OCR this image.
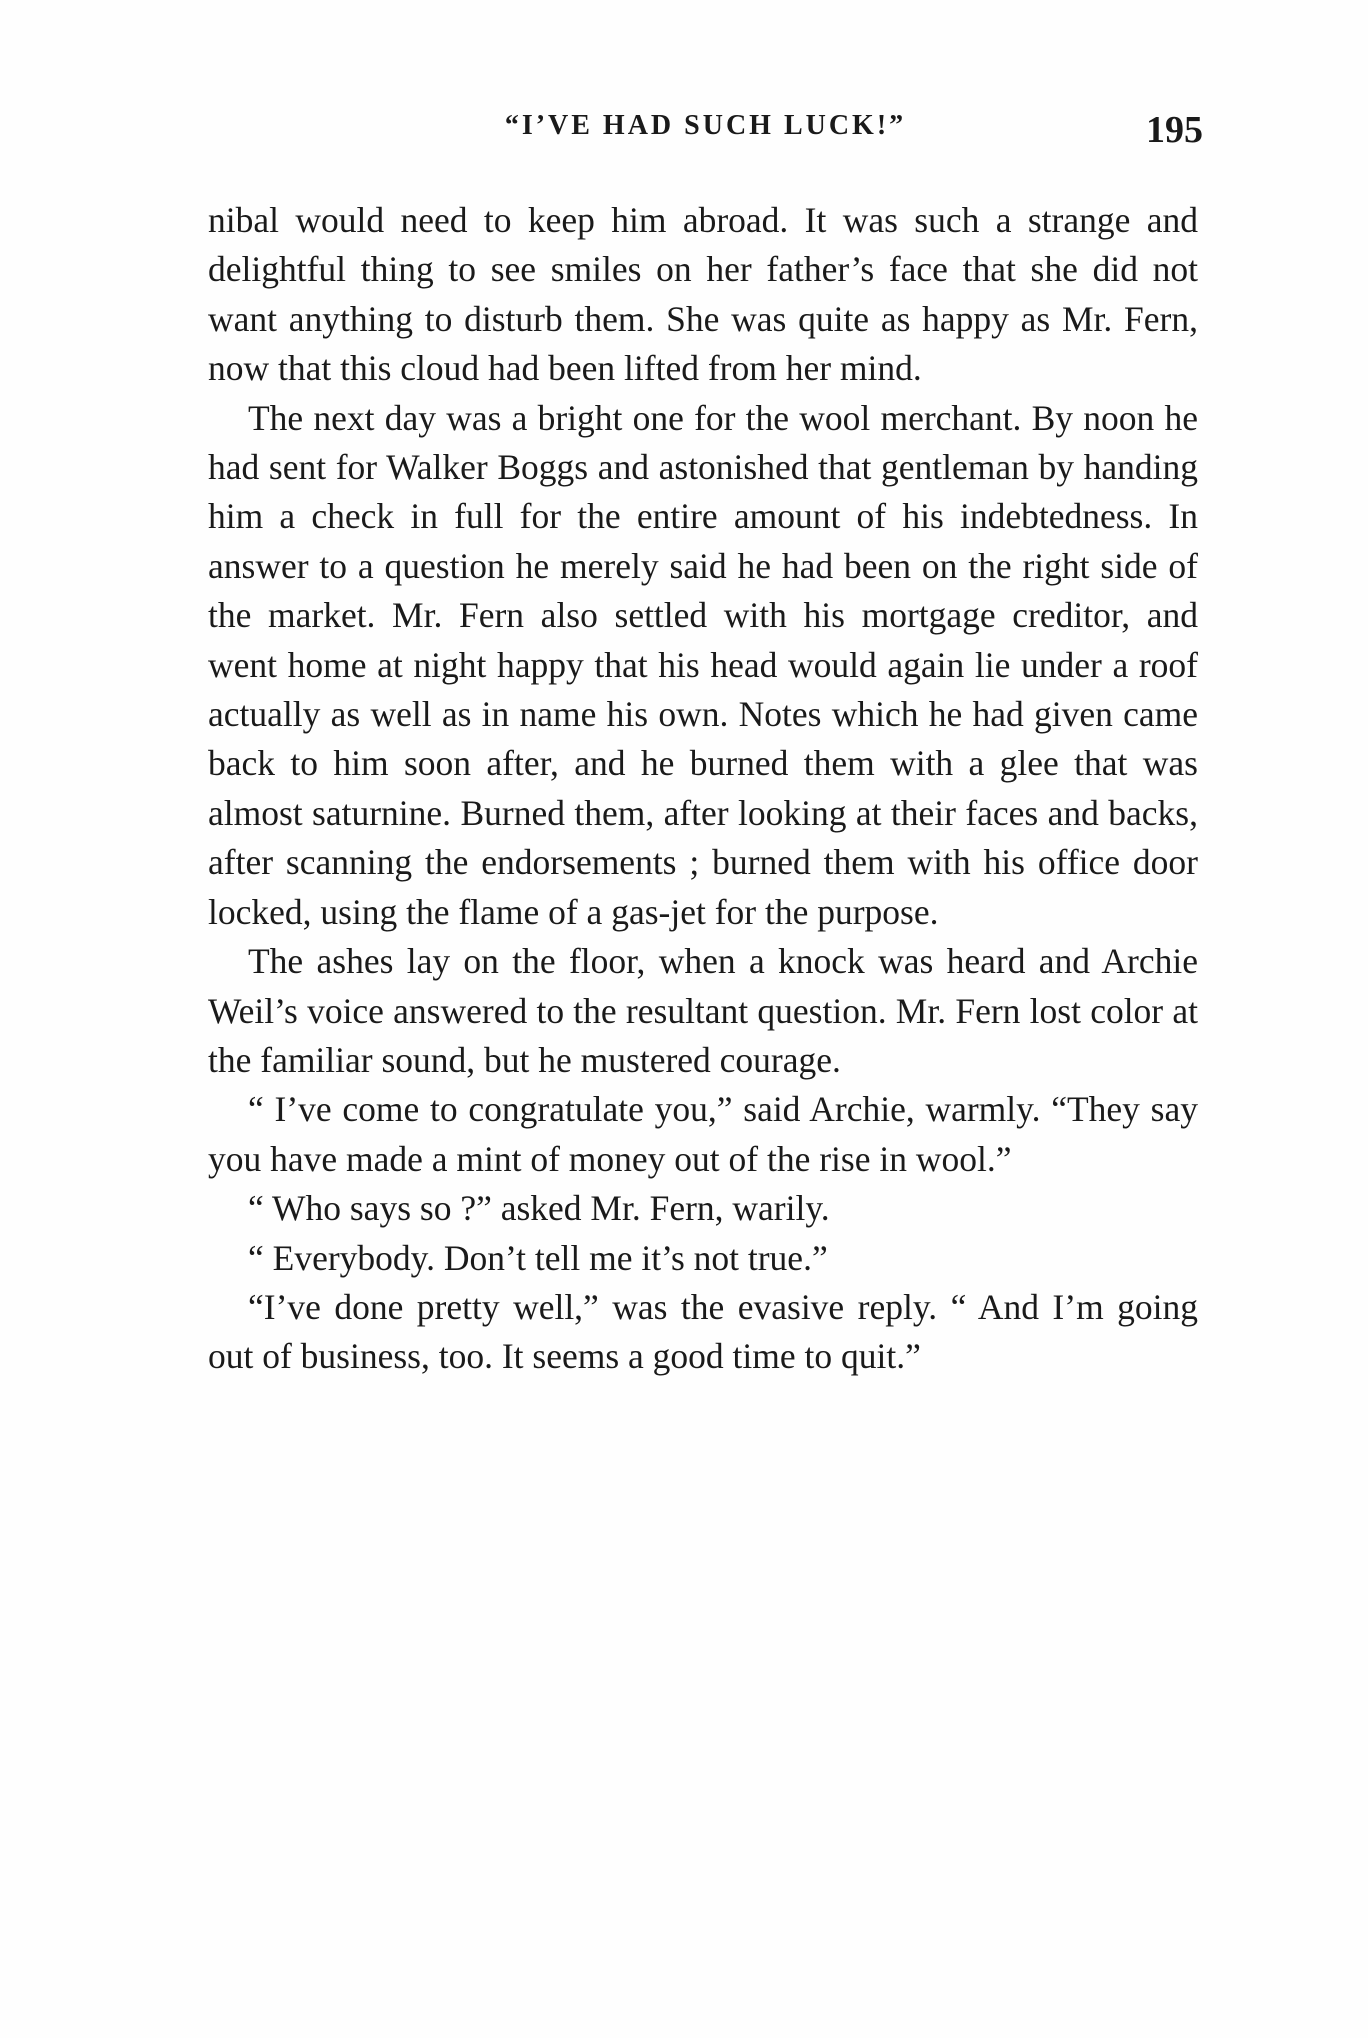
“I’VE HAD SUCH LUCK!”	195

nibal would need to keep him abroad. It was such a strange and delightful thing to see smiles on her father’s face that she did not want anything to disturb them. She was quite as happy as Mr. Fern, now that this cloud had been lifted from her mind.

The next day was a bright one for the wool merchant. By noon he had sent for Walker Boggs and astonished that gentleman by handing him a check in full for the entire amount of his indebtedness. In answer to a question he merely said he had been on the right side of the market. Mr. Fern also settled with his mortgage creditor, and went home at night happy that his head would again lie under a roof actually as well as in name his own. Notes which he had given came back to him soon after, and he burned them with a glee that was almost saturnine. Burned them, after looking at their faces and backs, after scanning the endorsements ; burned them with his office door locked, using the flame of a gas-jet for the purpose.

The ashes lay on the floor, when a knock was heard and Archie Weil’s voice answered to the resultant question. Mr. Fern lost color at the familiar sound, but he mustered courage.

“ I’ve come to congratulate you,” said Archie, warmly. “They say you have made a mint of money out of the rise in wool.”

“ Who says so ?” asked Mr. Fern, warily.

“ Everybody. Don’t tell me it’s not true.”

“I’ve done pretty well,” was the evasive reply. “ And I’m going out of business, too. It seems a good time to quit.”
